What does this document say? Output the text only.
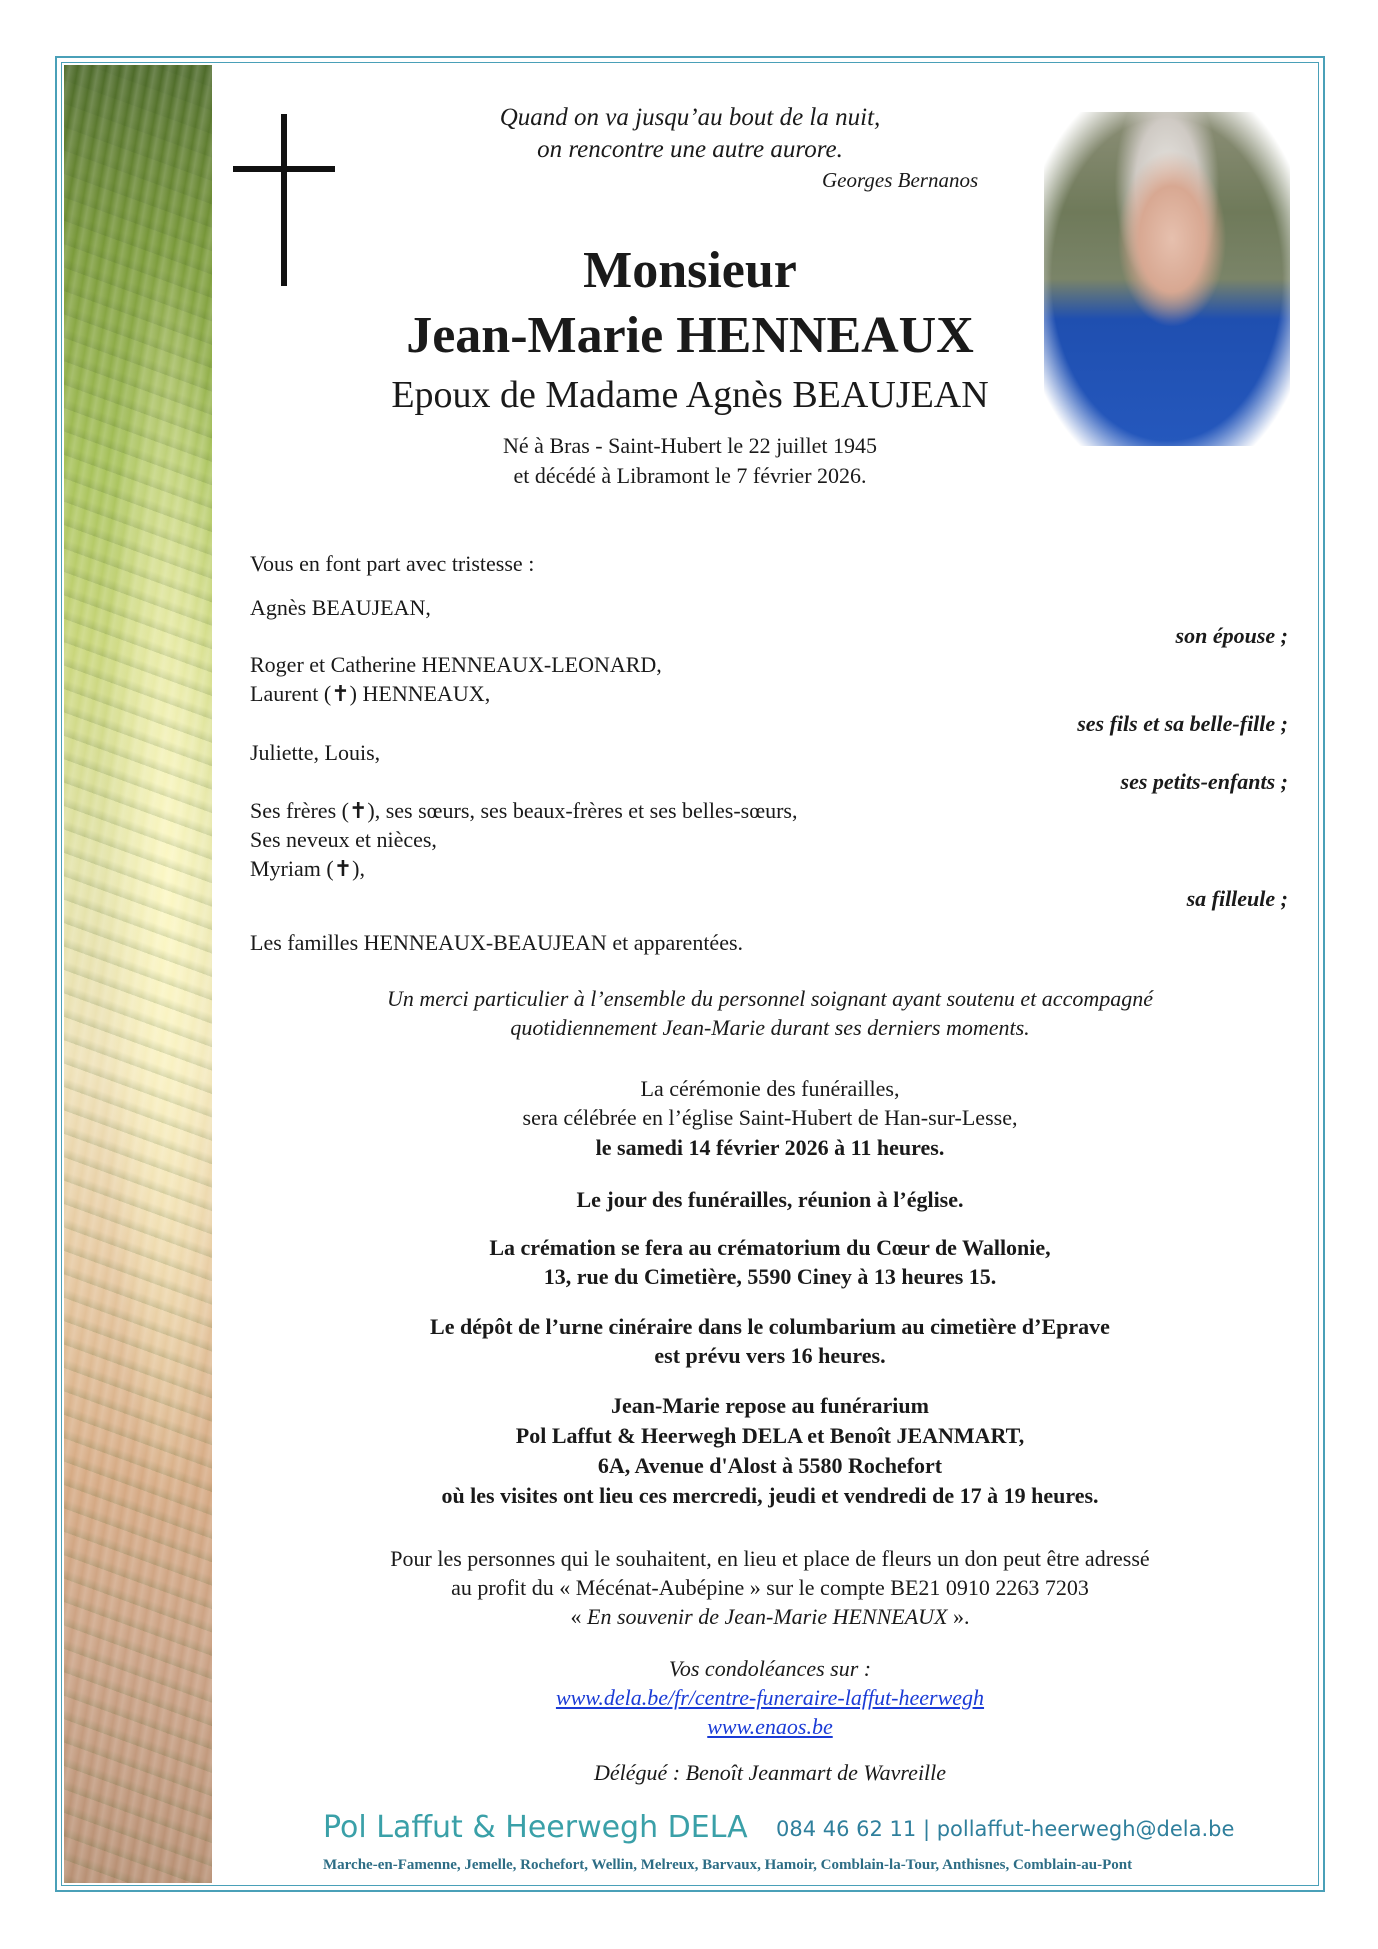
Quand on va jusqu’au bout de la nuit,
on rencontre une autre aurore.
Georges Bernanos
Monsieur
Jean-Marie HENNEAUX
Epoux de Madame Agnès BEAUJEAN
Né à Bras - Saint-Hubert le 22 juillet 1945
et décédé à Libramont le 7 février 2026.
Vous en font part avec tristesse :
Agnès BEAUJEAN,
son épouse ;
Roger et Catherine HENNEAUX-LEONARD,
Laurent (✝) HENNEAUX,
ses fils et sa belle-fille ;
Juliette, Louis,
ses petits-enfants ;
Ses frères (✝), ses sœurs, ses beaux-frères et ses belles-sœurs,
Ses neveux et nièces,
Myriam (✝),
sa filleule ;
Les familles HENNEAUX-BEAUJEAN et apparentées.
Un merci particulier à l’ensemble du personnel soignant ayant soutenu et accompagné
quotidiennement Jean-Marie durant ses derniers moments.
La cérémonie des funérailles,
sera célébrée en l’église Saint-Hubert de Han-sur-Lesse,
le samedi 14 février 2026 à 11 heures.
Le jour des funérailles, réunion à l’église.
La crémation se fera au crématorium du Cœur de Wallonie,
13, rue du Cimetière, 5590 Ciney à 13 heures 15.
Le dépôt de l’urne cinéraire dans le columbarium au cimetière d’Eprave
est prévu vers 16 heures.
Jean-Marie repose au funérarium
Pol Laffut & Heerwegh DELA et Benoît JEANMART,
6A, Avenue d'Alost à 5580 Rochefort
où les visites ont lieu ces mercredi, jeudi et vendredi de 17 à 19 heures.
Pour les personnes qui le souhaitent, en lieu et place de fleurs un don peut être adressé
au profit du « Mécénat-Aubépine » sur le compte BE21 0910 2263 7203
« En souvenir de Jean-Marie HENNEAUX ».
Vos condoléances sur :
www.dela.be/fr/centre-funeraire-laffut-heerwegh
www.enaos.be
Délégué : Benoît Jeanmart de Wavreille
Pol Laffut & Heerwegh DELA 084 46 62 11 | pollaffut-heerwegh@dela.be
Marche-en-Famenne, Jemelle, Rochefort, Wellin, Melreux, Barvaux, Hamoir, Comblain-la-Tour, Anthisnes, Comblain-au-Pont
